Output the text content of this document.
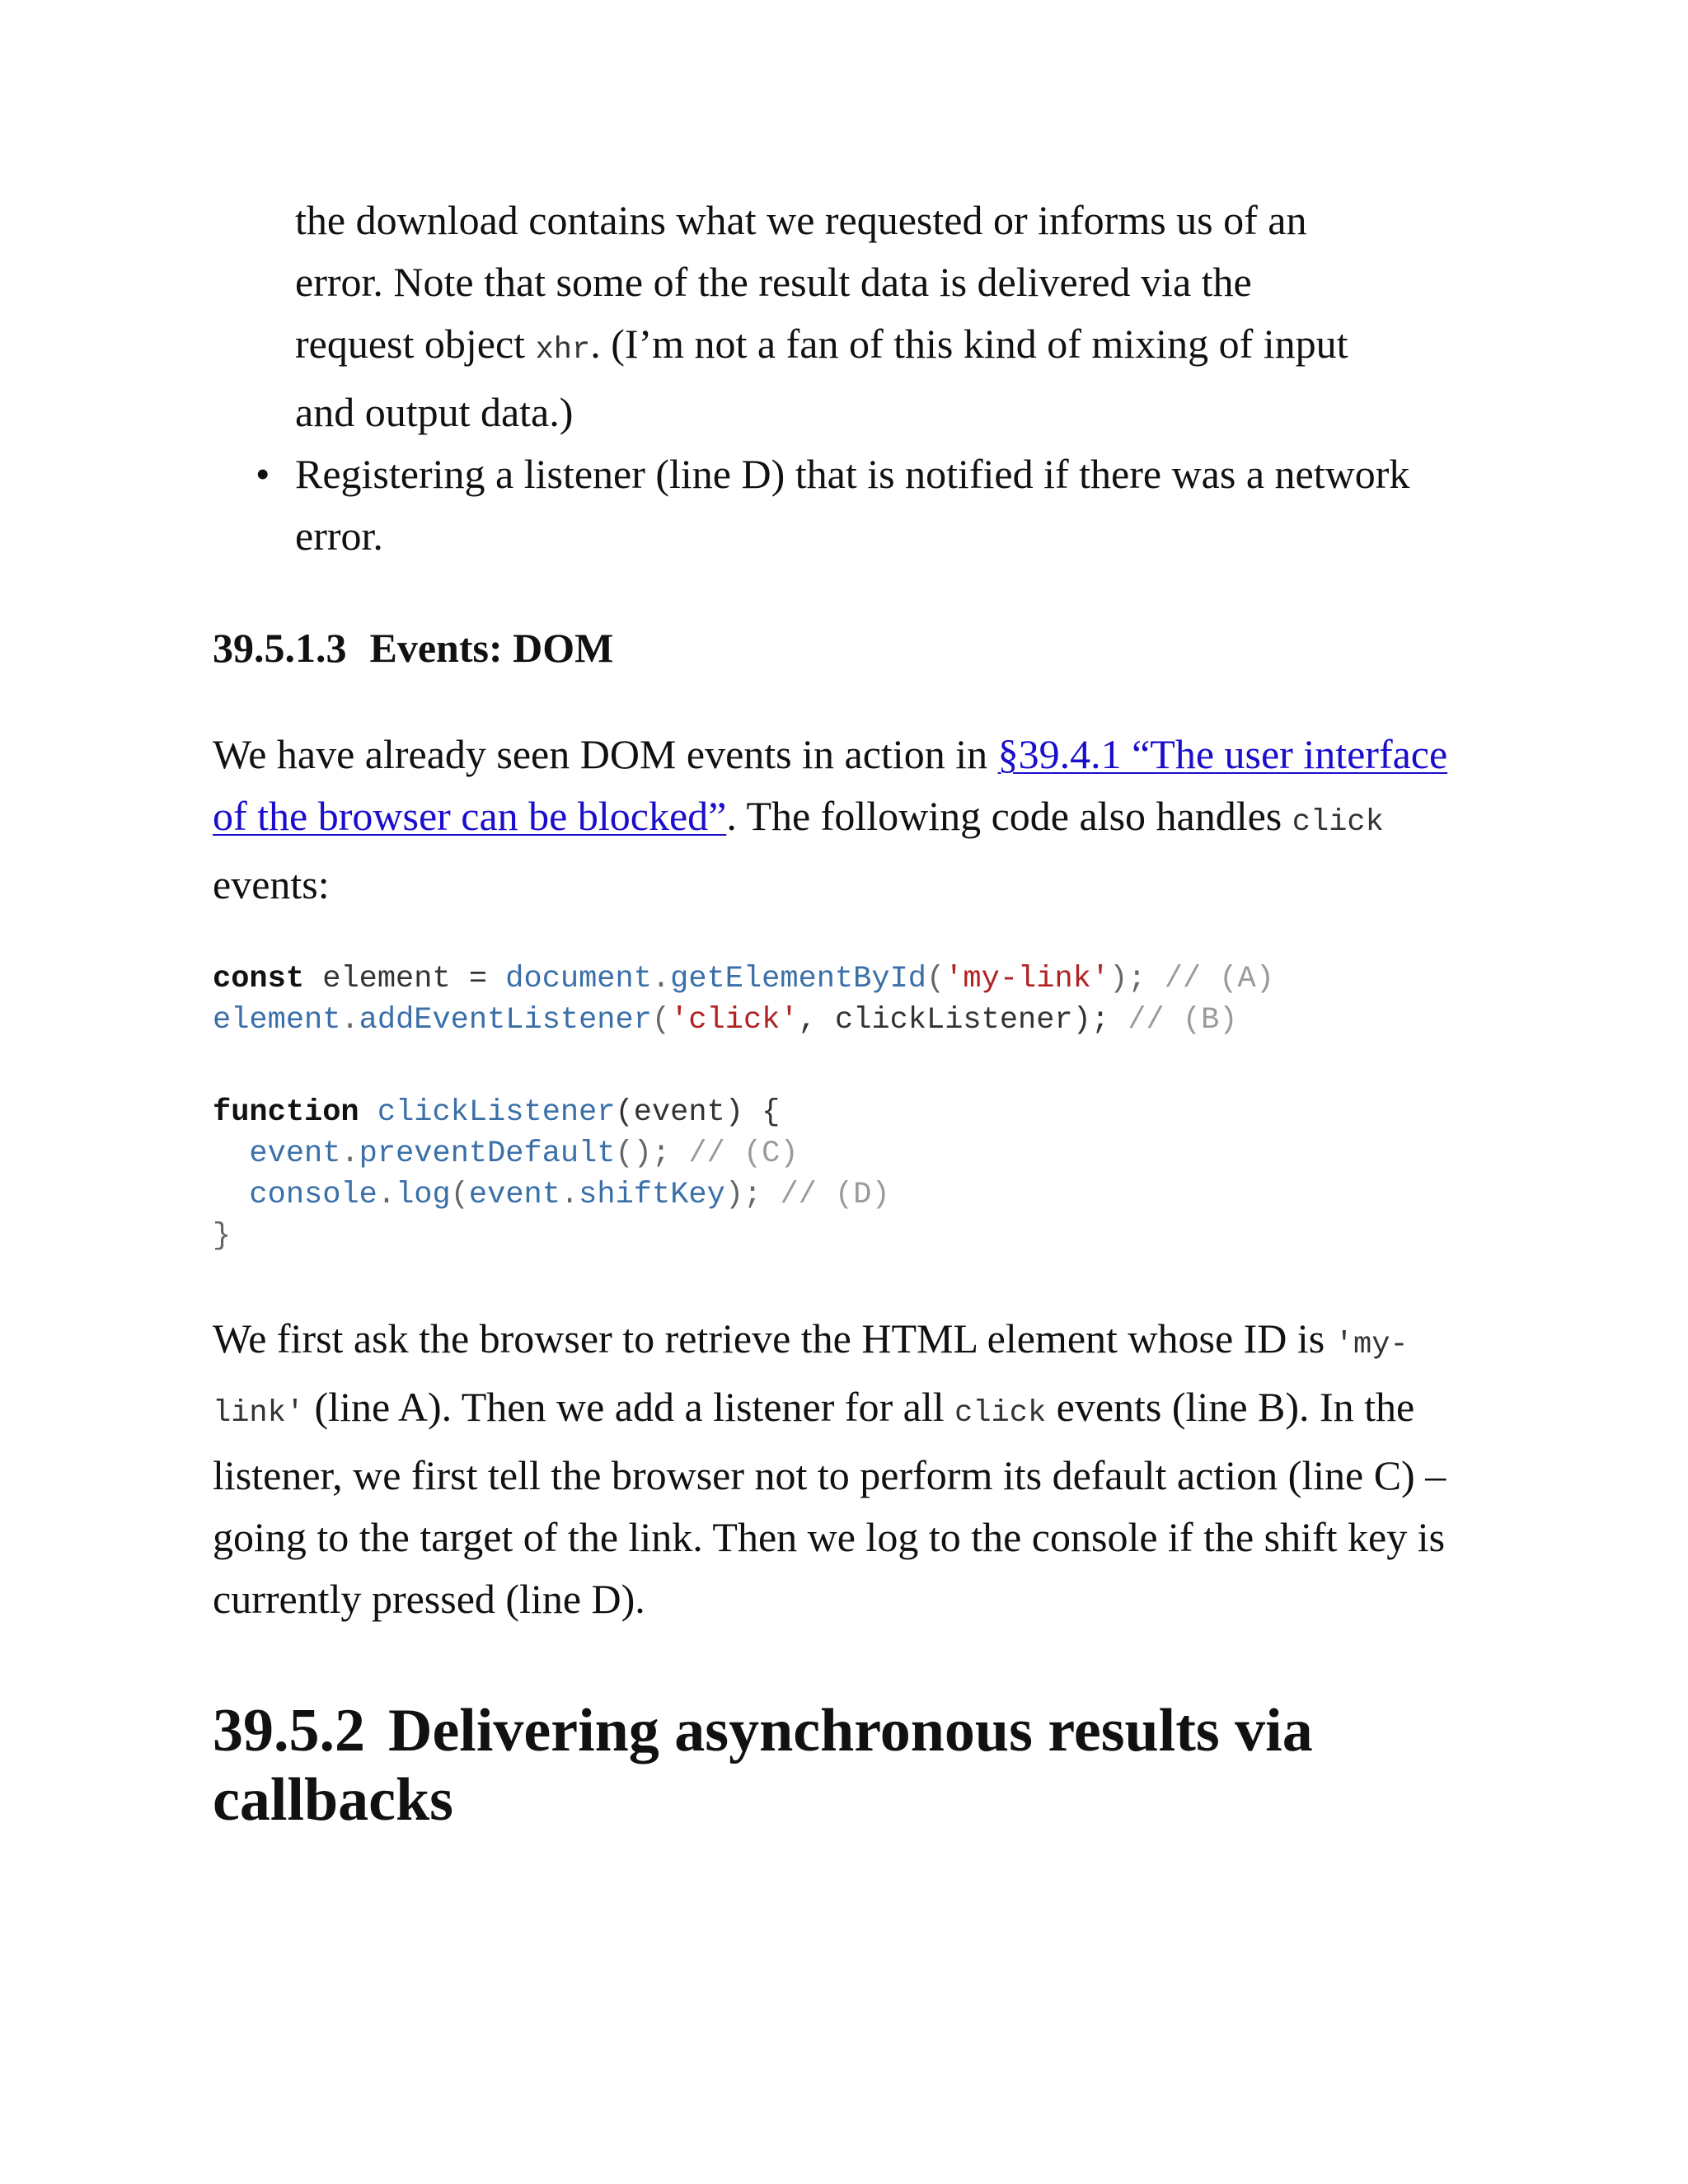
the download contains what we requested or informs us of an
error. Note that some of the result data is delivered via the
request object xhr. (I’m not a fan of this kind of mixing of input
and output data.)
• Registering a listener (line D) that is notified if there was a network error.
39.5.1.3 Events: DOM

We have already seen DOM events in action in §39.4.1 “The user interface of the browser can be blocked”. The following code also handles click events:

const element = document.getElementById('my-link'); // (A)
element.addEventListener('click', clickListener); // (B)

function clickListener(event) {
event.preventDefault(); // (C)
console.log(event.shiftKey); // (D)
}

We first ask the browser to retrieve the HTML element whose ID is 'my-link' (line A). Then we add a listener for all click events (line B). In the listener, we first tell the browser not to perform its default action (line C) – going to the target of the link. Then we log to the console if the shift key is currently pressed (line D).

39.5.2 Delivering asynchronous results via callbacks
